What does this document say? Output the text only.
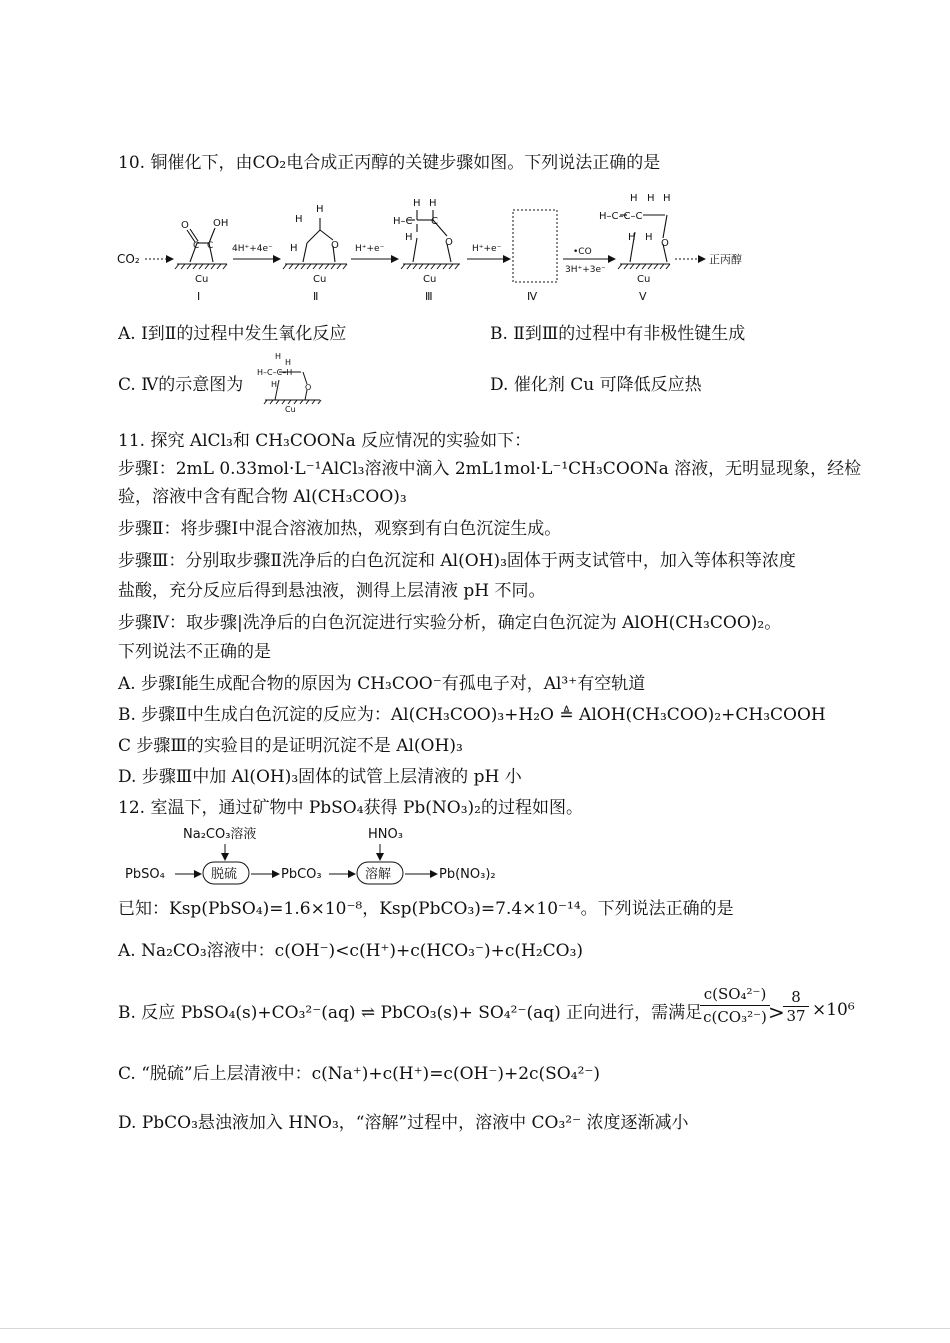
10. 铜催化下，由CO₂电合成正丙醇的关键步骤如图。下列说法正确的是
CO₂
O OH
C C
Cu
Ⅰ
4H⁺+4e⁻
H
H
H	O
Cu
Ⅱ
H⁺+e⁻
H H
H–C C
H	O
Cu
Ⅲ
H⁺+e⁻
Ⅳ
•CO
3H⁺+3e⁻
H H H
H–C–C–C
H H
O
Cu
Ⅴ
正丙醇
A. Ⅰ到Ⅱ的过程中发生氧化反应	B. Ⅱ到Ⅲ的过程中有非极性键生成
C. Ⅳ的示意图为
H
H
H–C–C–H
H	O
Cu
D. 催化剂 Cu 可降低反应热
11. 探究 AlCl₃和 CH₃COONa 反应情况的实验如下：
步骤Ⅰ：2mL 0.33mol·L⁻¹AlCl₃溶液中滴入 2mL1mol·L⁻¹CH₃COONa 溶液，无明显现象，经检
验，溶液中含有配合物 Al(CH₃COO)₃
步骤Ⅱ：将步骤Ⅰ中混合溶液加热，观察到有白色沉淀生成。
步骤Ⅲ：分别取步骤Ⅱ洗净后的白色沉淀和 Al(OH)₃固体于两支试管中，加入等体积等浓度
盐酸，充分反应后得到悬浊液，测得上层清液 pH 不同。
步骤Ⅳ：取步骤|洗净后的白色沉淀进行实验分析，确定白色沉淀为 AlOH(CH₃COO)₂。
下列说法不正确的是
A. 步骤Ⅰ能生成配合物的原因为 CH₃COO⁻有孤电子对，Al³⁺有空轨道
B. 步骤Ⅱ中生成白色沉淀的反应为：Al(CH₃COO)₃+H₂O ≜ AlOH(CH₃COO)₂+CH₃COOH
C 步骤Ⅲ的实验目的是证明沉淀不是 Al(OH)₃
D. 步骤Ⅲ中加 Al(OH)₃固体的试管上层清液的 pH 小
12. 室温下，通过矿物中 PbSO₄获得 Pb(NO₃)₂的过程如图。
Na₂CO₃溶液	HNO₃
PbSO₄	脱硫	PbCO₃	溶解	Pb(NO₃)₂
已知：Ksp(PbSO₄)=1.6×10⁻⁸，Ksp(PbCO₃)=7.4×10⁻¹⁴。下列说法正确的是
A. Na₂CO₃溶液中：c(OH⁻)<c(H⁺)+c(HCO₃⁻)+c(H₂CO₃)
B. 反应 PbSO₄(s)+CO₃²⁻(aq) ⇌ PbCO₃(s)+ SO₄²⁻(aq) 正向进行，需满足
c(SO₄²⁻)
c(CO₃²⁻) >
8
37 ×10⁶
C. “脱硫”后上层清液中：c(Na⁺)+c(H⁺)=c(OH⁻)+2c(SO₄²⁻)
D. PbCO₃悬浊液加入 HNO₃，“溶解”过程中，溶液中 CO₃²⁻ 浓度逐渐减小
